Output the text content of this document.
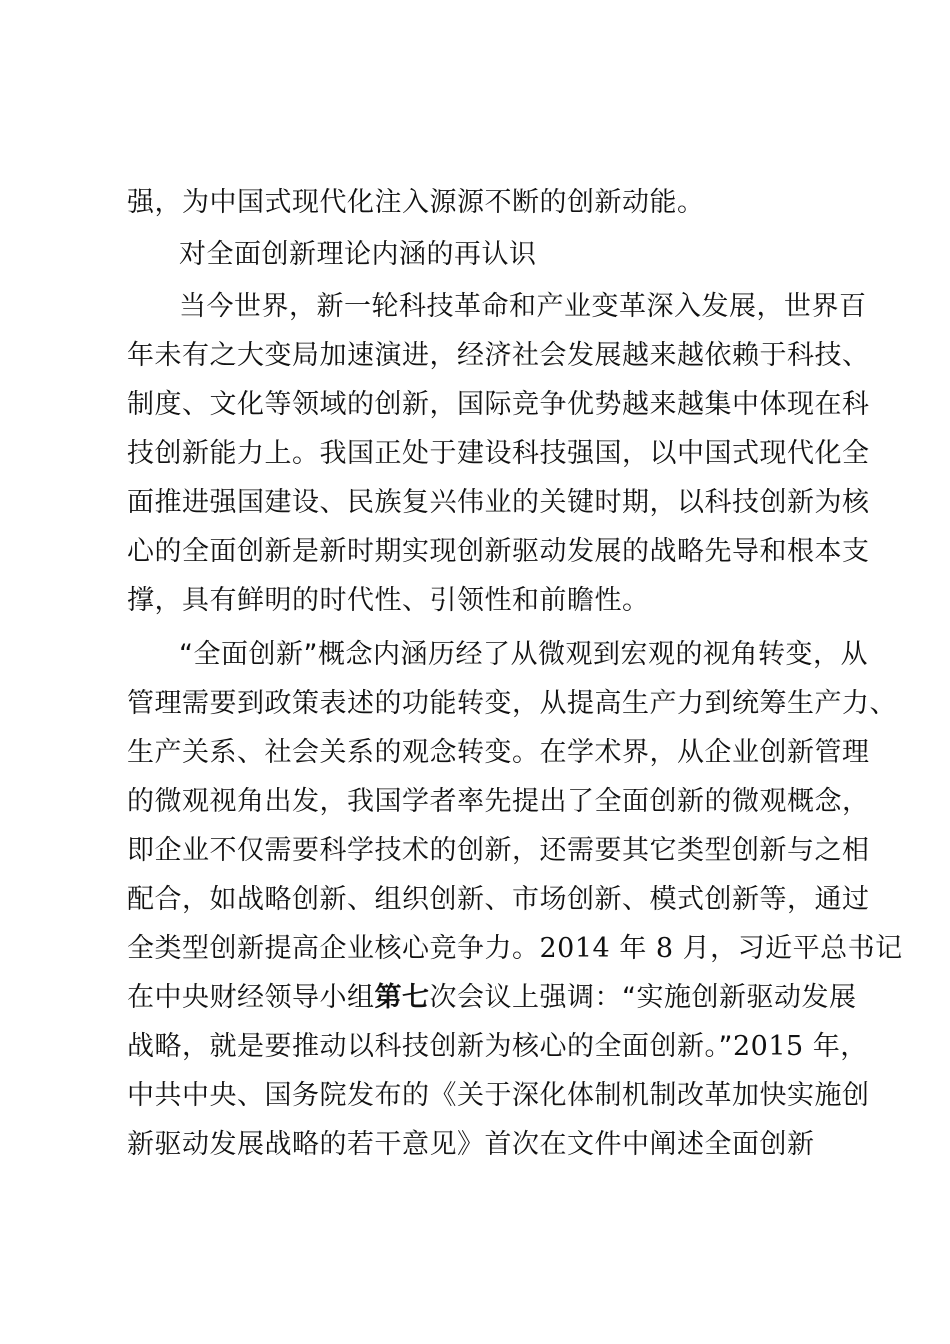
强，为中国式现代化注入源源不断的创新动能。
对全面创新理论内涵的再认识
当今世界，新一轮科技革命和产业变革深入发展，世界百
年未有之大变局加速演进，经济社会发展越来越依赖于科技、
制度、文化等领域的创新，国际竞争优势越来越集中体现在科
技创新能力上。我国正处于建设科技强国，以中国式现代化全
面推进强国建设、民族复兴伟业的关键时期，以科技创新为核
心的全面创新是新时期实现创新驱动发展的战略先导和根本支
撑，具有鲜明的时代性、引领性和前瞻性。
“全面创新”概念内涵历经了从微观到宏观的视角转变，从
管理需要到政策表述的功能转变，从提高生产力到统筹生产力、
生产关系、社会关系的观念转变。在学术界，从企业创新管理
的微观视角出发，我国学者率先提出了全面创新的微观概念，
即企业不仅需要科学技术的创新，还需要其它类型创新与之相
配合，如战略创新、组织创新、市场创新、模式创新等，通过
全类型创新提高企业核心竞争力。2014 年 8 月，习近平总书记
在中央财经领导小组第七次会议上强调：“实施创新驱动发展
战略，就是要推动以科技创新为核心的全面创新。”2015 年，
中共中央、国务院发布的《关于深化体制机制改革加快实施创
新驱动发展战略的若干意见》首次在文件中阐述全面创新
